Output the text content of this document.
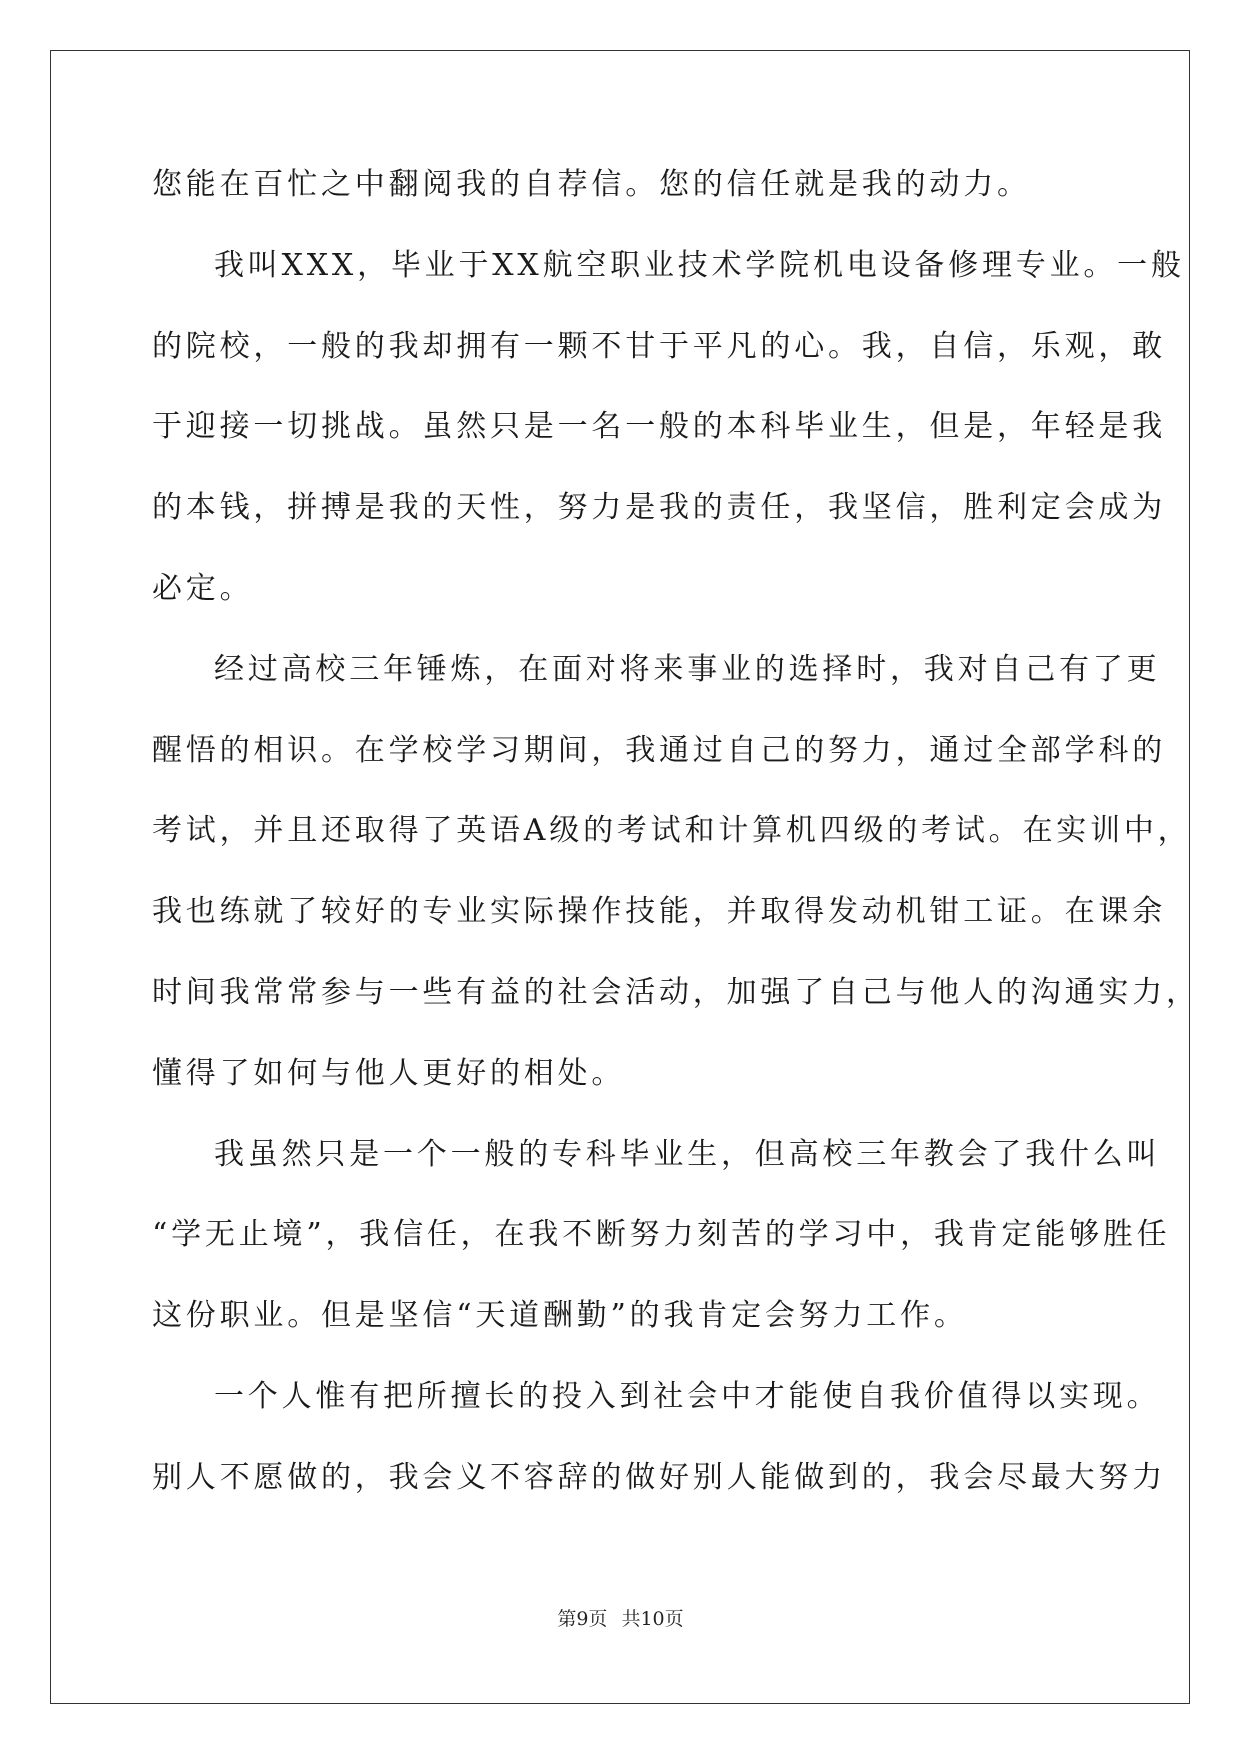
您能在百忙之中翻阅我的自荐信。您的信任就是我的动力。
我叫XXX，毕业于XX航空职业技术学院机电设备修理专业。一般
的院校，一般的我却拥有一颗不甘于平凡的心。我，自信，乐观，敢
于迎接一切挑战。虽然只是一名一般的本科毕业生，但是，年轻是我
的本钱，拼搏是我的天性，努力是我的责任，我坚信，胜利定会成为
必定。
经过高校三年锤炼，在面对将来事业的选择时，我对自己有了更
醒悟的相识。在学校学习期间，我通过自己的努力，通过全部学科的
考试，并且还取得了英语A级的考试和计算机四级的考试。在实训中，
我也练就了较好的专业实际操作技能，并取得发动机钳工证。在课余
时间我常常参与一些有益的社会活动，加强了自己与他人的沟通实力，
懂得了如何与他人更好的相处。
我虽然只是一个一般的专科毕业生，但高校三年教会了我什么叫
“学无止境”，我信任，在我不断努力刻苦的学习中，我肯定能够胜任
这份职业。但是坚信“天道酬勤”的我肯定会努力工作。
一个人惟有把所擅长的投入到社会中才能使自我价值得以实现。
别人不愿做的，我会义不容辞的做好别人能做到的，我会尽最大努力
第9页 共10页
